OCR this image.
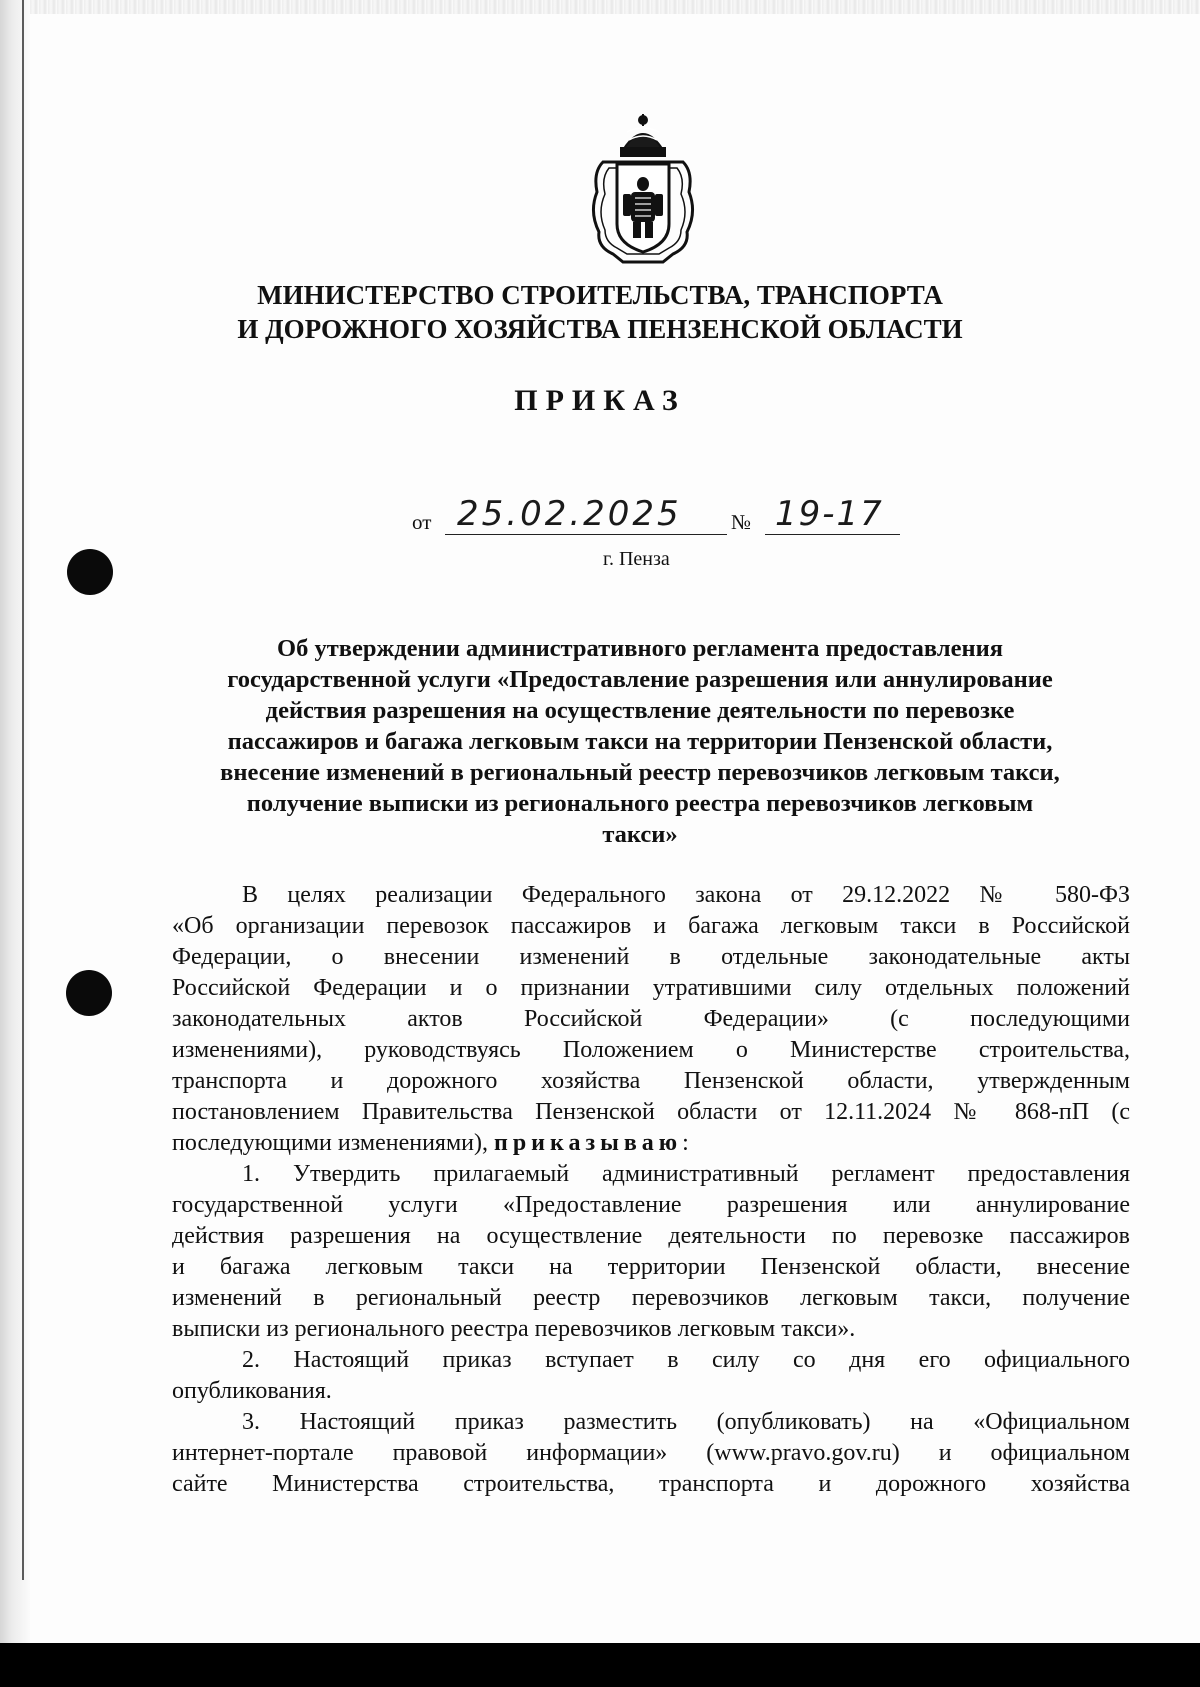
МИНИСТЕРСТВО СТРОИТЕЛЬСТВА, ТРАНСПОРТА
И ДОРОЖНОГО ХОЗЯЙСТВА ПЕНЗЕНСКОЙ ОБЛАСТИ
ПРИКАЗ
от 25.02.2025 № 19-17
г. Пенза
Об утверждении административного регламента предоставления
государственной услуги «Предоставление разрешения или аннулирование
действия разрешения на осуществление деятельности по перевозке
пассажиров и багажа легковым такси на территории Пензенской области,
внесение изменений в региональный реестр перевозчиков легковым такси,
получение выписки из регионального реестра перевозчиков легковым
такси»
В целях реализации Федерального закона от 29.12.2022 № 580-ФЗ
«Об организации перевозок пассажиров и багажа легковым такси в Российской
Федерации, о внесении изменений в отдельные законодательные акты
Российской Федерации и о признании утратившими силу отдельных положений
законодательных актов Российской Федерации» (с последующими
изменениями), руководствуясь Положением о Министерстве строительства,
транспорта и дорожного хозяйства Пензенской области, утвержденным
постановлением Правительства Пензенской области от 12.11.2024 № 868-пП (с
последующими изменениями), приказываю:
1. Утвердить прилагаемый административный регламент предоставления
государственной услуги «Предоставление разрешения или аннулирование
действия разрешения на осуществление деятельности по перевозке пассажиров
и багажа легковым такси на территории Пензенской области, внесение
изменений в региональный реестр перевозчиков легковым такси, получение
выписки из регионального реестра перевозчиков легковым такси».
2. Настоящий приказ вступает в силу со дня его официального
опубликования.
3. Настоящий приказ разместить (опубликовать) на «Официальном
интернет-портале правовой информации» (www.pravo.gov.ru) и официальном
сайте Министерства строительства, транспорта и дорожного хозяйства
